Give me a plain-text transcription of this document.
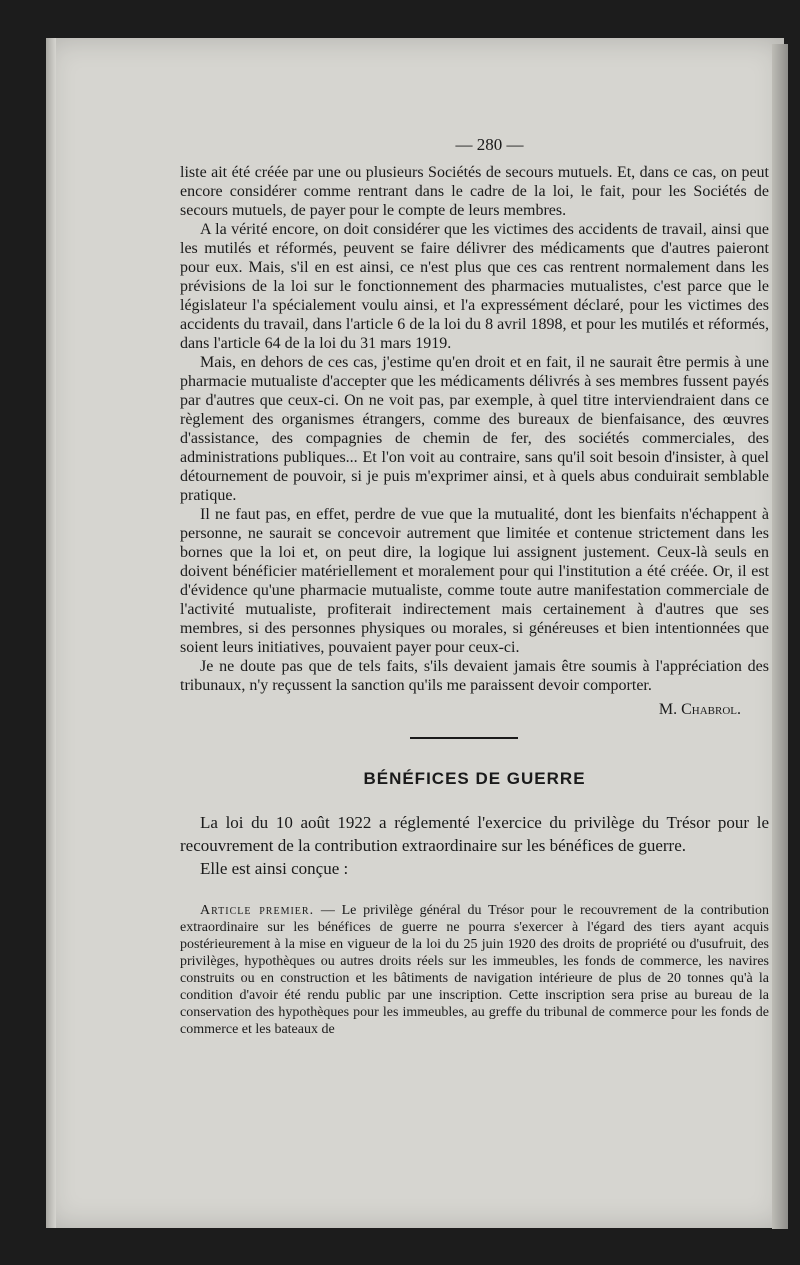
— 280 —

liste ait été créée par une ou plusieurs Sociétés de secours mutuels. Et, dans ce cas, on peut encore considérer comme rentrant dans le cadre de la loi, le fait, pour les Sociétés de secours mutuels, de payer pour le compte de leurs membres.

A la vérité encore, on doit considérer que les victimes des accidents de travail, ainsi que les mutilés et réformés, peuvent se faire délivrer des médicaments que d'autres paieront pour eux. Mais, s'il en est ainsi, ce n'est plus que ces cas rentrent normalement dans les prévisions de la loi sur le fonctionnement des pharmacies mutualistes, c'est parce que le législateur l'a spécialement voulu ainsi, et l'a expressément déclaré, pour les victimes des accidents du travail, dans l'article 6 de la loi du 8 avril 1898, et pour les mutilés et réformés, dans l'article 64 de la loi du 31 mars 1919.

Mais, en dehors de ces cas, j'estime qu'en droit et en fait, il ne saurait être permis à une pharmacie mutualiste d'accepter que les médicaments délivrés à ses membres fussent payés par d'autres que ceux-ci. On ne voit pas, par exemple, à quel titre interviendraient dans ce règlement des organismes étrangers, comme des bureaux de bienfaisance, des œuvres d'assistance, des compagnies de chemin de fer, des sociétés commerciales, des administrations publiques... Et l'on voit au contraire, sans qu'il soit besoin d'insister, à quel détournement de pouvoir, si je puis m'exprimer ainsi, et à quels abus conduirait semblable pratique.

Il ne faut pas, en effet, perdre de vue que la mutualité, dont les bienfaits n'échappent à personne, ne saurait se concevoir autrement que limitée et contenue strictement dans les bornes que la loi et, on peut dire, la logique lui assignent justement. Ceux-là seuls en doivent bénéficier matériellement et moralement pour qui l'institution a été créée. Or, il est d'évidence qu'une pharmacie mutualiste, comme toute autre manifestation commerciale de l'activité mutualiste, profiterait indirectement mais certainement à d'autres que ses membres, si des personnes physiques ou morales, si généreuses et bien intentionnées que soient leurs initiatives, pouvaient payer pour ceux-ci.

Je ne doute pas que de tels faits, s'ils devaient jamais être soumis à l'appréciation des tribunaux, n'y reçussent la sanction qu'ils me paraissent devoir comporter.

M. Chabrol.
BÉNÉFICES DE GUERRE

La loi du 10 août 1922 a réglementé l'exercice du privilège du Trésor pour le recouvrement de la contribution extraordinaire sur les bénéfices de guerre.

Elle est ainsi conçue :

Article premier. — Le privilège général du Trésor pour le recouvrement de la contribution extraordinaire sur les bénéfices de guerre ne pourra s'exercer à l'égard des tiers ayant acquis postérieurement à la mise en vigueur de la loi du 25 juin 1920 des droits de propriété ou d'usufruit, des privilèges, hypothèques ou autres droits réels sur les immeubles, les fonds de commerce, les navires construits ou en construction et les bâtiments de navigation intérieure de plus de 20 tonnes qu'à la condition d'avoir été rendu public par une inscription. Cette inscription sera prise au bureau de la conservation des hypothèques pour les immeubles, au greffe du tribunal de commerce pour les fonds de commerce et les bateaux de
